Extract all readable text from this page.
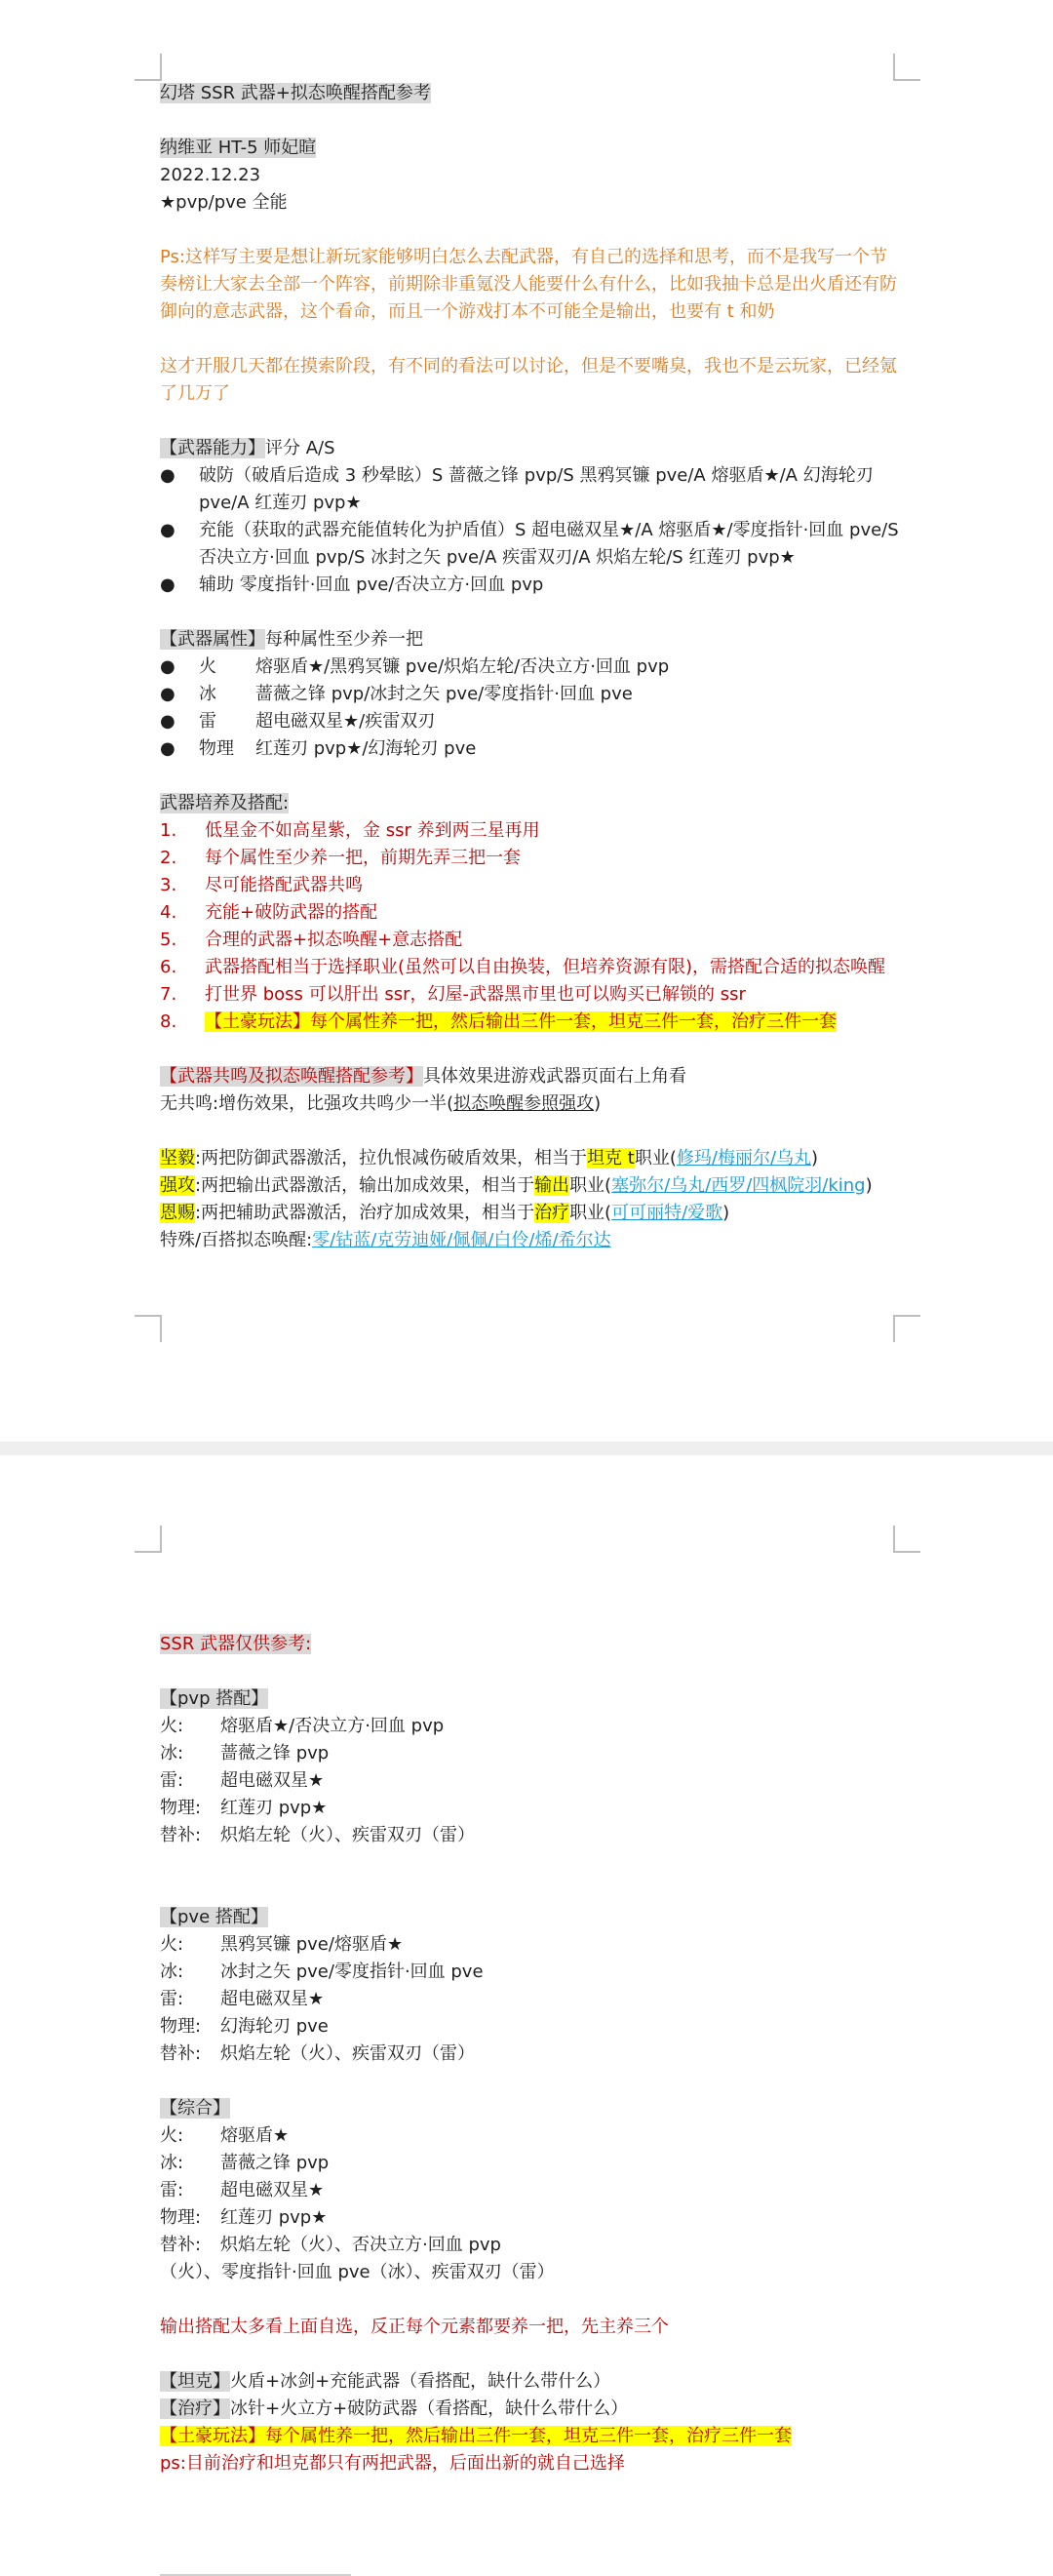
幻塔 SSR 武器+拟态唤醒搭配参考
纳维亚 HT-5 师妃暄
2022.12.23
★pvp/pve 全能
Ps:这样写主要是想让新玩家能够明白怎么去配武器，有自己的选择和思考，而不是我写一个节奏榜让大家去全部一个阵容，前期除非重氪没人能要什么有什么，比如我抽卡总是出火盾还有防御向的意志武器，这个看命，而且一个游戏打本不可能全是输出，也要有 t 和奶
这才开服几天都在摸索阶段，有不同的看法可以讨论，但是不要嘴臭，我也不是云玩家，已经氪了几万了
【武器能力】评分 A/S
●	破防（破盾后造成 3 秒晕眩）S 蔷薇之锋 pvp/S 黑鸦冥镰 pve/A 熔驱盾★/A 幻海轮刃 pve/A 红莲刃 pvp★
●	充能（获取的武器充能值转化为护盾值）S 超电磁双星★/A 熔驱盾★/零度指针·回血 pve/S 否决立方·回血 pvp/S 冰封之矢 pve/A 疾雷双刃/A 炽焰左轮/S 红莲刃 pvp★
●	辅助 零度指针·回血 pve/否决立方·回血 pvp
【武器属性】每种属性至少养一把
●	火 熔驱盾★/黑鸦冥镰 pve/炽焰左轮/否决立方·回血 pvp
●	冰 蔷薇之锋 pvp/冰封之矢 pve/零度指针·回血 pve
●	雷 超电磁双星★/疾雷双刃
●	物理 红莲刃 pvp★/幻海轮刃 pve
武器培养及搭配:
1.	低星金不如高星紫，金 ssr 养到两三星再用
2.	每个属性至少养一把，前期先弄三把一套
3.	尽可能搭配武器共鸣
4.	充能+破防武器的搭配
5.	合理的武器+拟态唤醒+意志搭配
6.	武器搭配相当于选择职业(虽然可以自由换装，但培养资源有限)，需搭配合适的拟态唤醒
7.	打世界 boss 可以肝出 ssr，幻屋-武器黑市里也可以购买已解锁的 ssr
8.	【土豪玩法】每个属性养一把，然后输出三件一套，坦克三件一套，治疗三件一套
【武器共鸣及拟态唤醒搭配参考】具体效果进游戏武器页面右上角看
无共鸣:增伤效果，比强攻共鸣少一半(拟态唤醒参照强攻)
坚毅:两把防御武器激活，拉仇恨减伤破盾效果，相当于坦克 t职业(修玛/梅丽尔/乌丸)
强攻:两把输出武器激活，输出加成效果，相当于输出职业(塞弥尔/乌丸/西罗/四枫院羽/king)
恩赐:两把辅助武器激活，治疗加成效果，相当于治疗职业(可可丽特/爱歌)
特殊/百搭拟态唤醒:零/钴蓝/克劳迪娅/佩佩/白伶/烯/希尔达
SSR 武器仅供参考:
【pvp 搭配】
火:	熔驱盾★/否决立方·回血 pvp
冰:	蔷薇之锋 pvp
雷:	超电磁双星★
物理:	红莲刃 pvp★
替补:	炽焰左轮（火）、疾雷双刃（雷）
【pve 搭配】
火:	黑鸦冥镰 pve/熔驱盾★
冰:	冰封之矢 pve/零度指针·回血 pve
雷:	超电磁双星★
物理:	幻海轮刃 pve
替补:	炽焰左轮（火）、疾雷双刃（雷）
【综合】
火:	熔驱盾★
冰:	蔷薇之锋 pvp
雷:	超电磁双星★
物理:	红莲刃 pvp★
替补:	炽焰左轮（火）、否决立方·回血 pvp
（火）、零度指针·回血 pve（冰）、疾雷双刃（雷）
输出搭配太多看上面自选，反正每个元素都要养一把，先主养三个
【坦克】火盾+冰剑+充能武器（看搭配，缺什么带什么）
【治疗】冰针+火立方+破防武器（看搭配，缺什么带什么）
【土豪玩法】每个属性养一把，然后输出三件一套，坦克三件一套，治疗三件一套
ps:目前治疗和坦克都只有两把武器，后面出新的就自己选择
